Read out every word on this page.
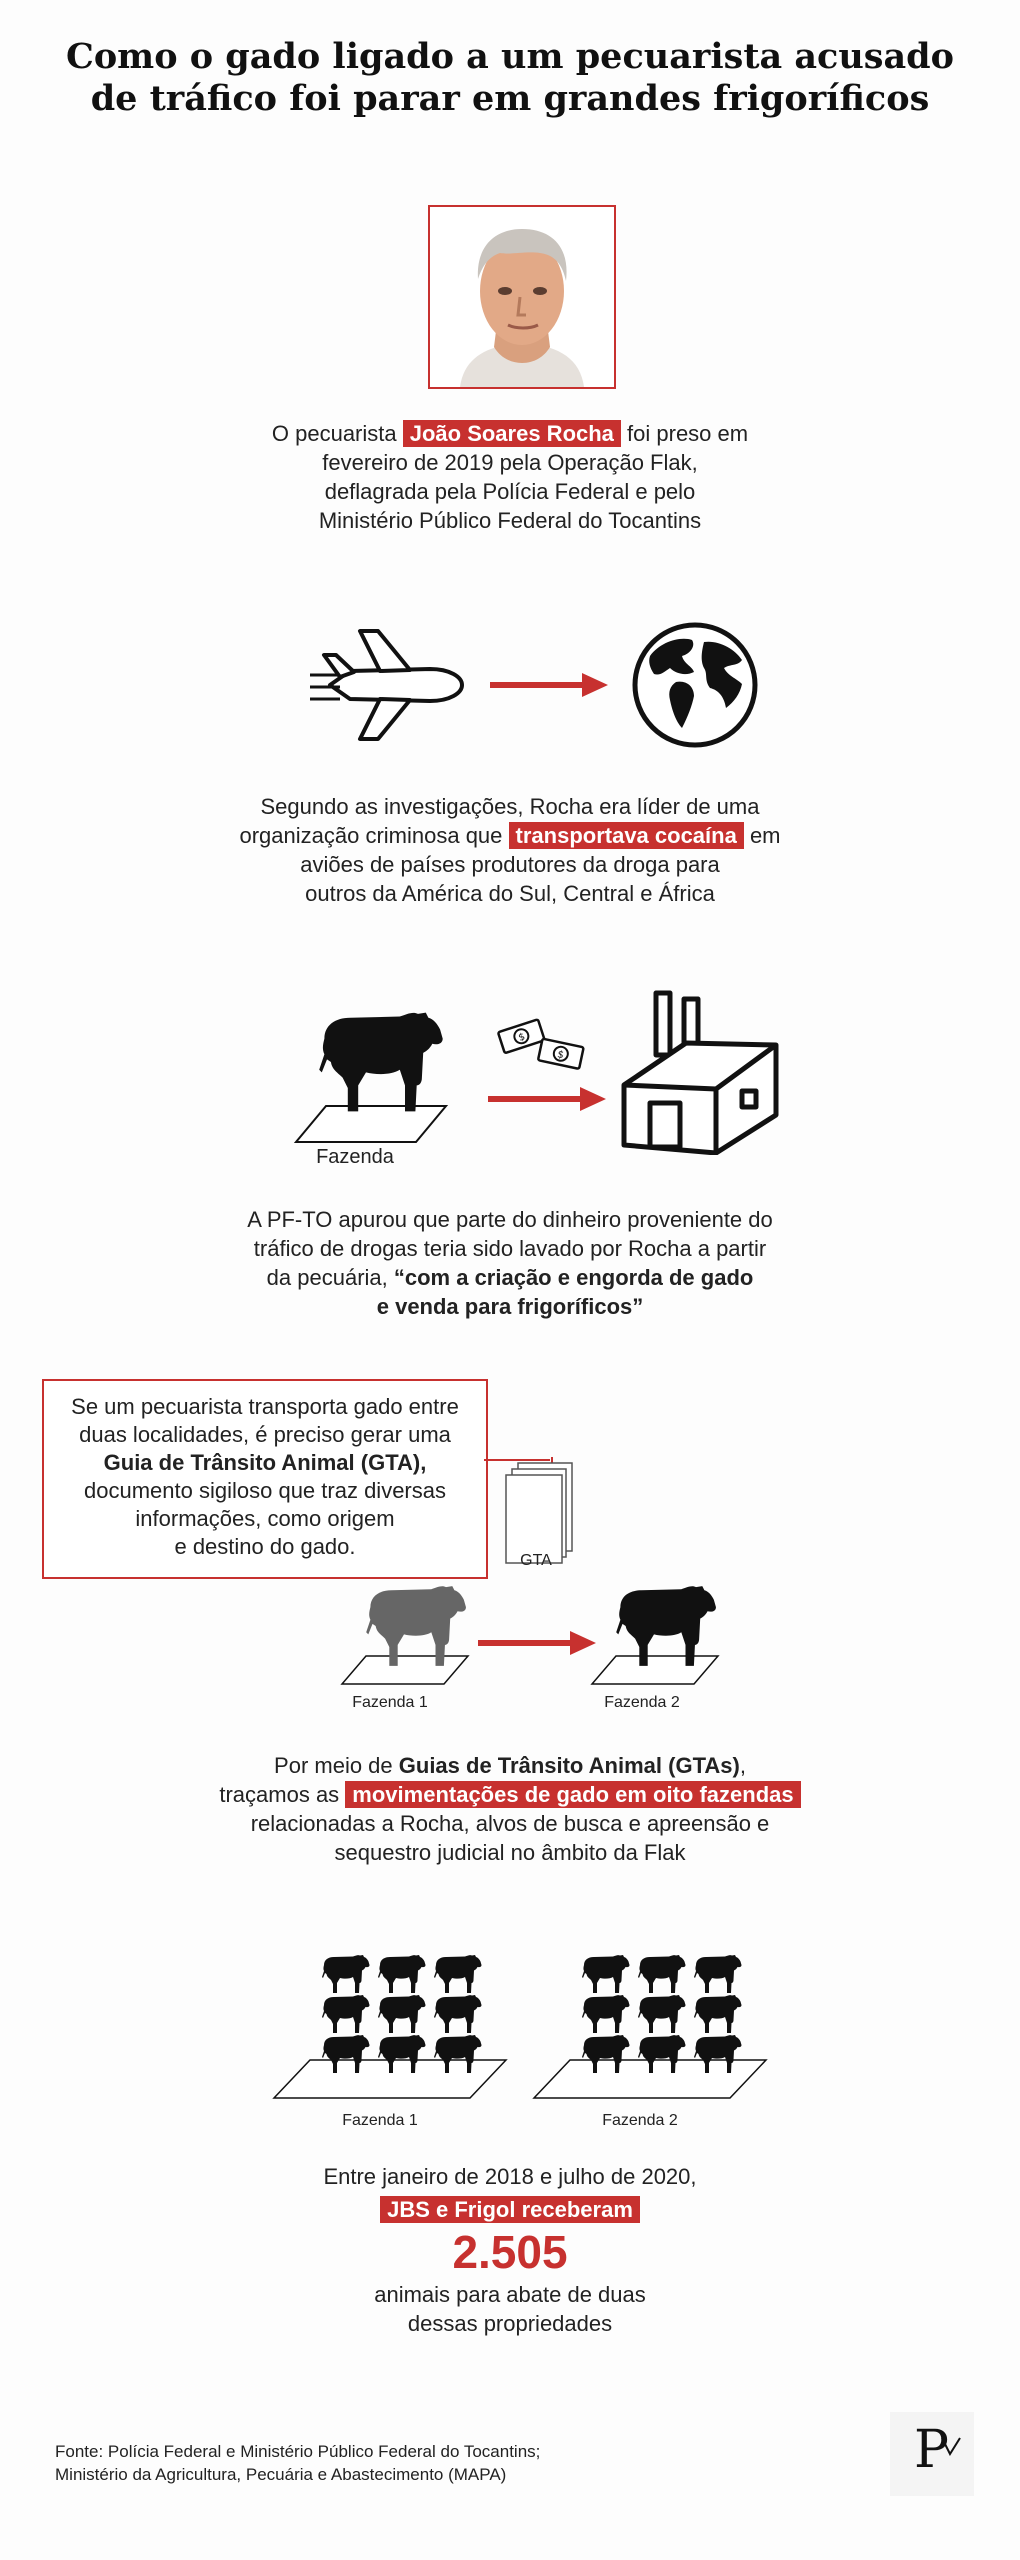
Como o gado ligado a um pecuarista acusado
de tráfico foi parar em grandes frigoríficos
O pecuarista João Soares Rocha foi preso em
fevereiro de 2019 pela Operação Flak,
deflagrada pela Polícia Federal e pelo
Ministério Público Federal do Tocantins
Segundo as investigações, Rocha era líder de uma
organização criminosa que transportava cocaína em
aviões de países produtores da droga para
outros da América do Sul, Central e África
Fazenda
$
$
A PF-TO apurou que parte do dinheiro proveniente do
tráfico de drogas teria sido lavado por Rocha a partir
da pecuária, “com a criação e engorda de gado
e venda para frigoríficos”
Se um pecuarista transporta gado entre
duas localidades, é preciso gerar uma
Guia de Trânsito Animal (GTA),
documento sigiloso que traz diversas
informações, como origem
e destino do gado.
GTA
Fazenda 1	Fazenda 2
Por meio de Guias de Trânsito Animal (GTAs),
traçamos as movimentações de gado em oito fazendas
relacionadas a Rocha, alvos de busca e apreensão e
sequestro judicial no âmbito da Flak
Fazenda 1	Fazenda 2
Entre janeiro de 2018 e julho de 2020,
JBS e Frigol receberam
2.505
animais para abate de duas
dessas propriedades
Fonte: Polícia Federal e Ministério Público Federal do Tocantins;
Ministério da Agricultura, Pecuária e Abastecimento (MAPA)	P
